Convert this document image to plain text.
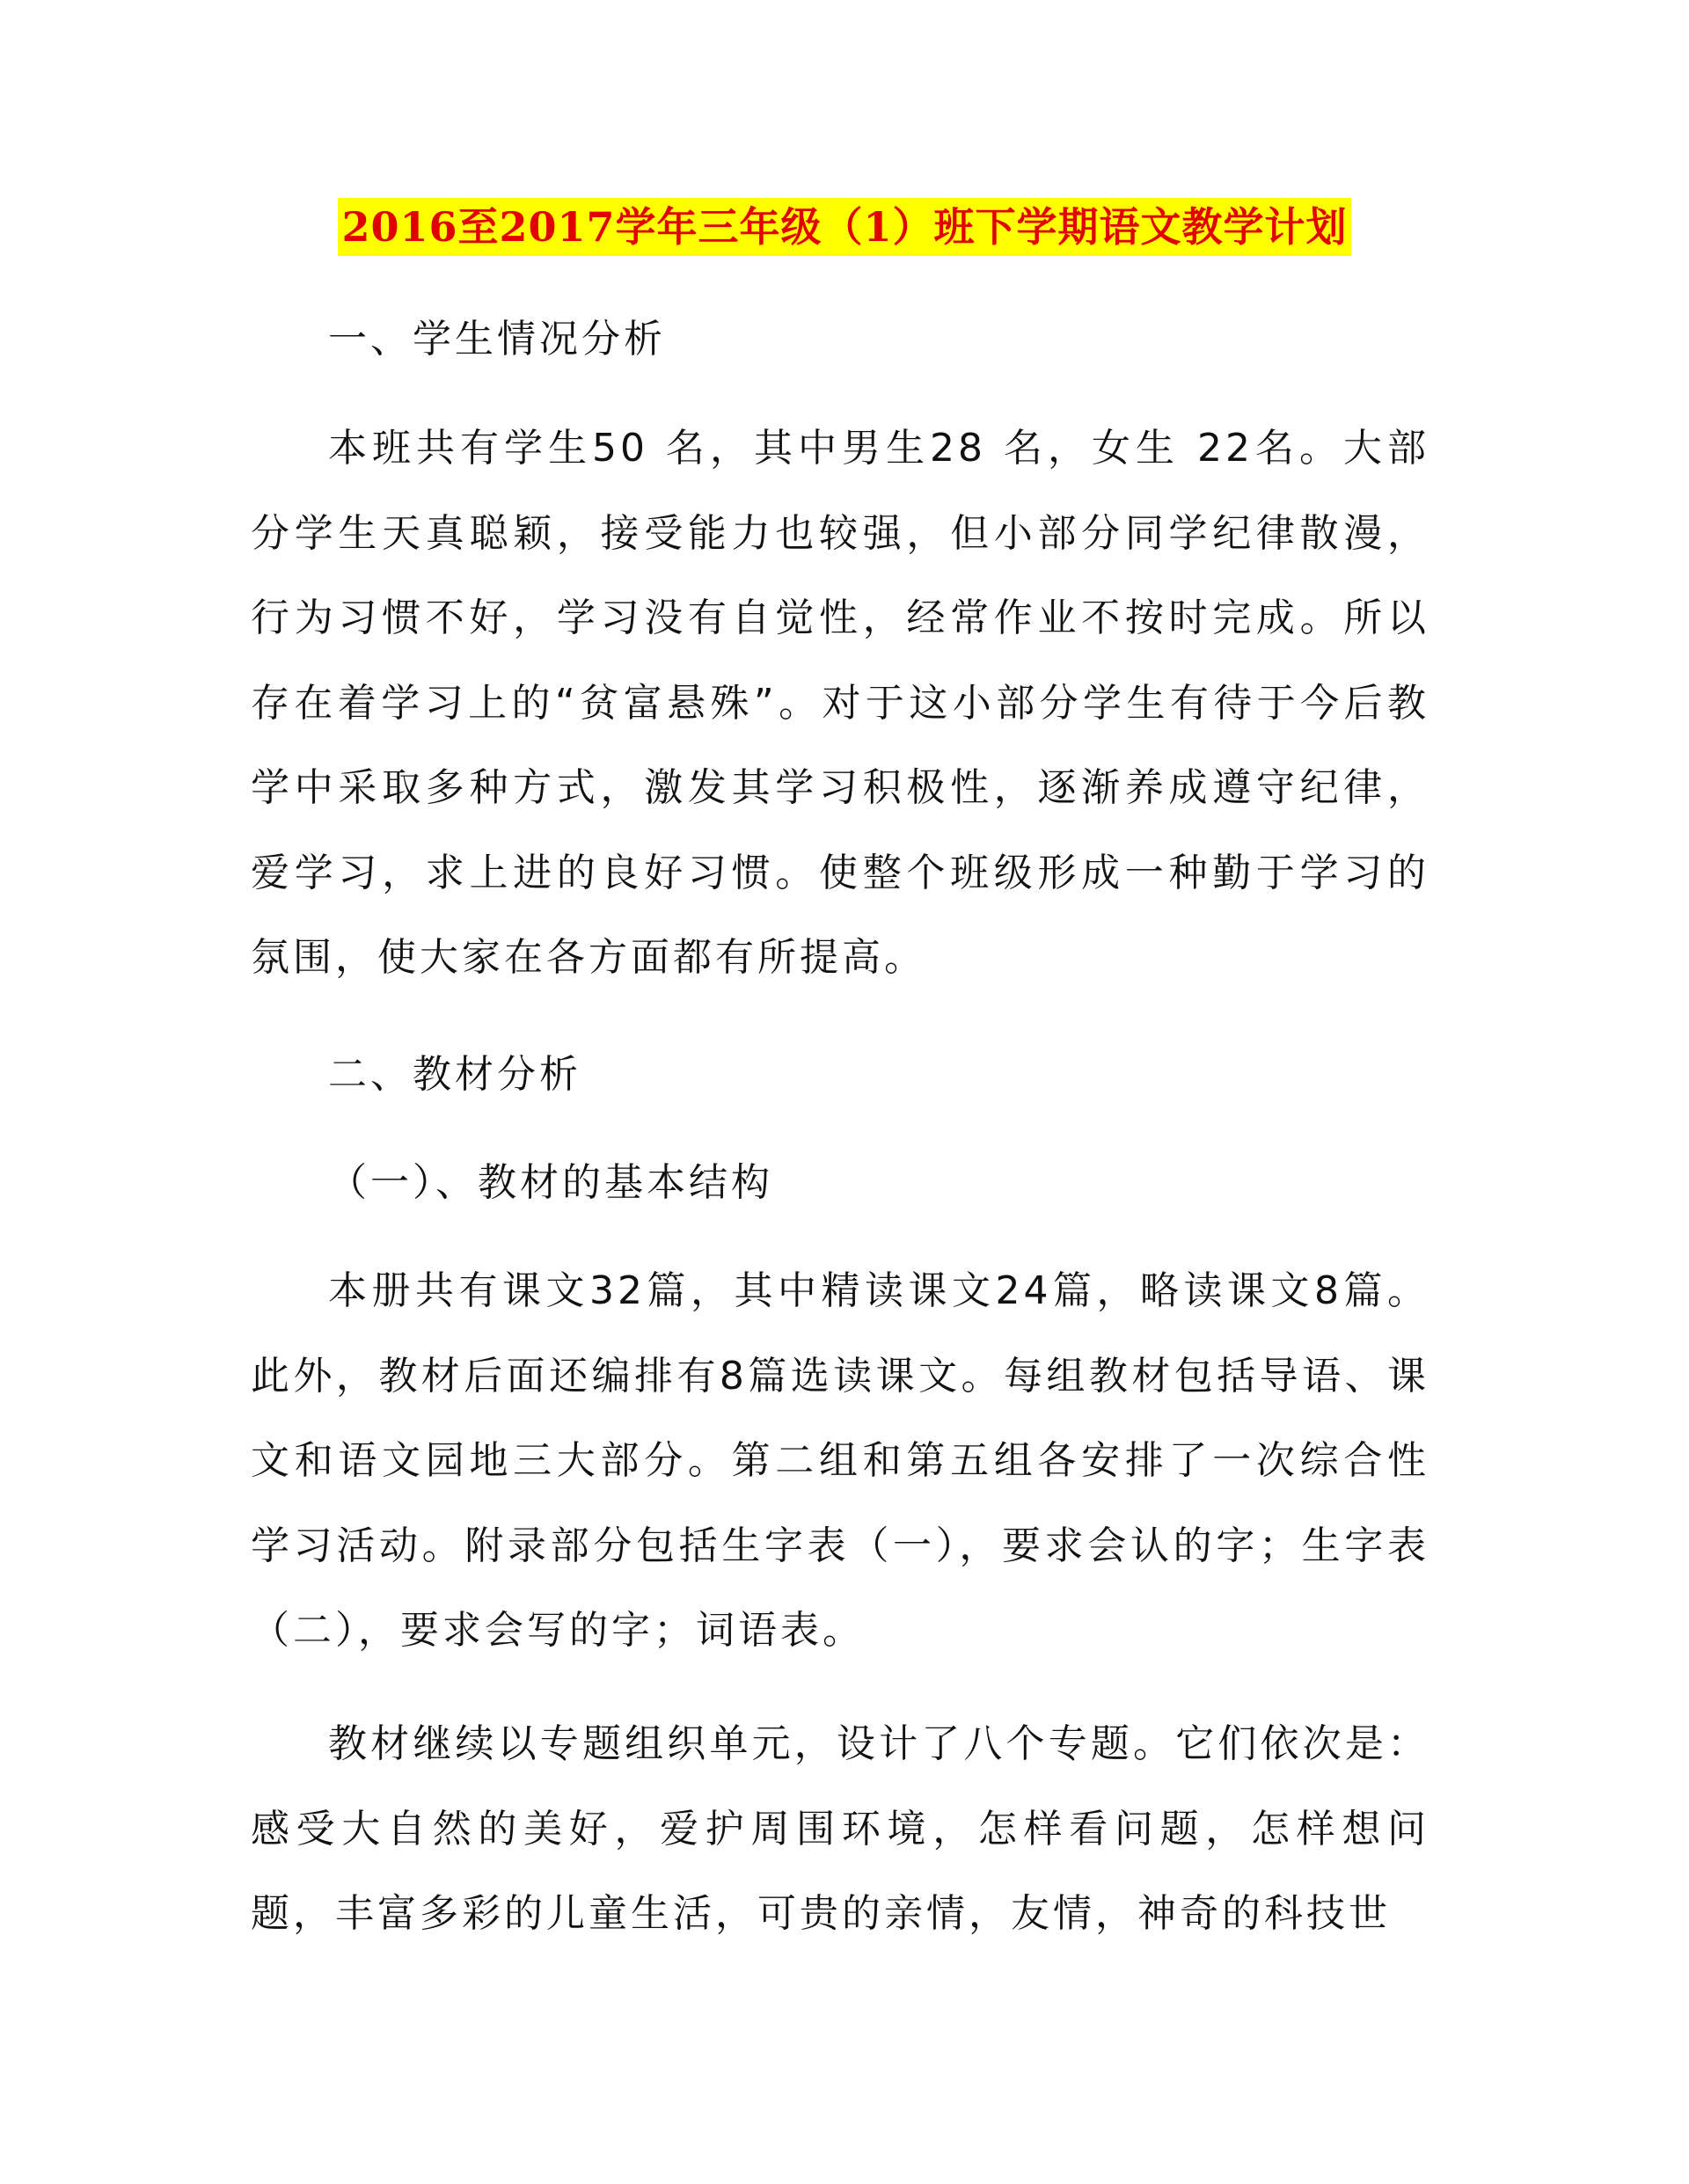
2016至2017学年三年级（1）班下学期语文教学计划
一、学生情况分析
本班共有学生50 名，其中男生28 名，女生 22名。大部分学生天真聪颖，接受能力也较强，但小部分同学纪律散漫，行为习惯不好，学习没有自觉性，经常作业不按时完成。所以存在着学习上的“贫富悬殊”。对于这小部分学生有待于今后教学中采取多种方式，激发其学习积极性，逐渐养成遵守纪律，爱学习，求上进的良好习惯。使整个班级形成一种勤于学习的氛围，使大家在各方面都有所提高。
二、教材分析
（一）、教材的基本结构
本册共有课文32篇，其中精读课文24篇，略读课文8篇。此外，教材后面还编排有8篇选读课文。每组教材包括导语、课文和语文园地三大部分。第二组和第五组各安排了一次综合性学习活动。附录部分包括生字表（一），要求会认的字；生字表（二），要求会写的字；词语表。
教材继续以专题组织单元，设计了八个专题。它们依次是：感受大自然的美好，爱护周围环境，怎样看问题，怎样想问题，丰富多彩的儿童生活，可贵的亲情，友情，神奇的科技世
